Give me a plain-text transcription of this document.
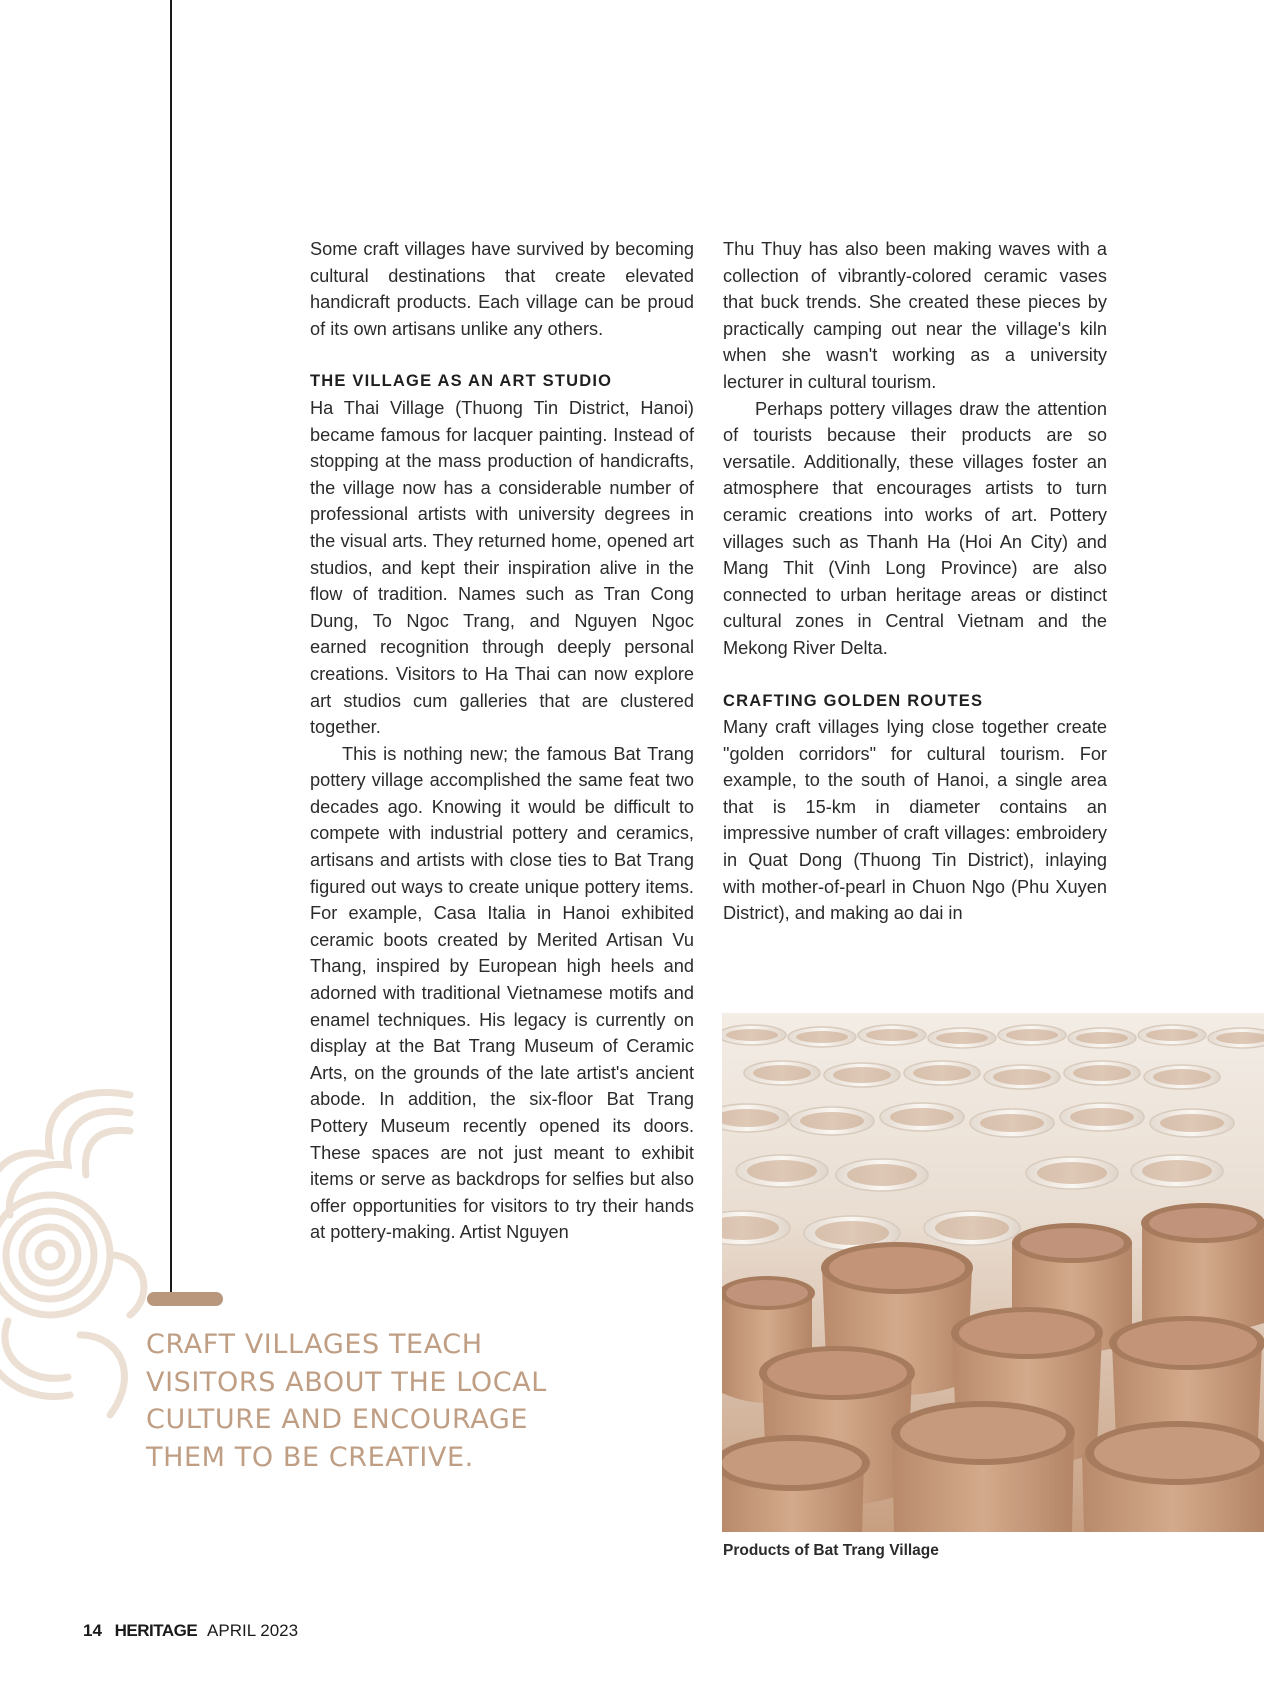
Some craft villages have survived by becoming cultural destinations that create elevated handicraft products. Each village can be proud of its own artisans unlike any others.

THE VILLAGE AS AN ART STUDIO

Ha Thai Village (Thuong Tin District, Hanoi) became famous for lacquer painting. Instead of stopping at the mass production of handicrafts, the village now has a considerable number of professional artists with university degrees in the visual arts. They returned home, opened art studios, and kept their inspiration alive in the flow of tradition. Names such as Tran Cong Dung, To Ngoc Trang, and Nguyen Ngoc earned recognition through deeply personal creations. Visitors to Ha Thai can now explore art studios cum galleries that are clustered together.

This is nothing new; the famous Bat Trang pottery village accomplished the same feat two decades ago. Knowing it would be difficult to compete with industrial pottery and ceramics, artisans and artists with close ties to Bat Trang figured out ways to create unique pottery items. For example, Casa Italia in Hanoi exhibited ceramic boots created by Merited Artisan Vu Thang, inspired by European high heels and adorned with traditional Vietnamese motifs and enamel techniques. His legacy is currently on display at the Bat Trang Museum of Ceramic Arts, on the grounds of the late artist's ancient abode. In addition, the six-floor Bat Trang Pottery Museum recently opened its doors. These spaces are not just meant to exhibit items or serve as backdrops for selfies but also offer opportunities for visitors to try their hands at pottery-making. Artist Nguyen

Thu Thuy has also been making waves with a collection of vibrantly-colored ceramic vases that buck trends. She created these pieces by practically camping out near the village's kiln when she wasn't working as a university lecturer in cultural tourism.

Perhaps pottery villages draw the attention of tourists because their products are so versatile. Additionally, these villages foster an atmosphere that encourages artists to turn ceramic creations into works of art. Pottery villages such as Thanh Ha (Hoi An City) and Mang Thit (Vinh Long Province) are also connected to urban heritage areas or distinct cultural zones in Central Vietnam and the Mekong River Delta.

CRAFTING GOLDEN ROUTES

Many craft villages lying close together create "golden corridors" for cultural tourism. For example, to the south of Hanoi, a single area that is 15-km in diameter contains an impressive number of craft villages: embroidery in Quat Dong (Thuong Tin District), inlaying with mother-of-pearl in Chuon Ngo (Phu Xuyen District), and making ao dai in

CRAFT VILLAGES TEACH
VISITORS ABOUT THE LOCAL
CULTURE AND ENCOURAGE
THEM TO BE CREATIVE.
Products of Bat Trang Village
14 HERITAGE APRIL 2023
